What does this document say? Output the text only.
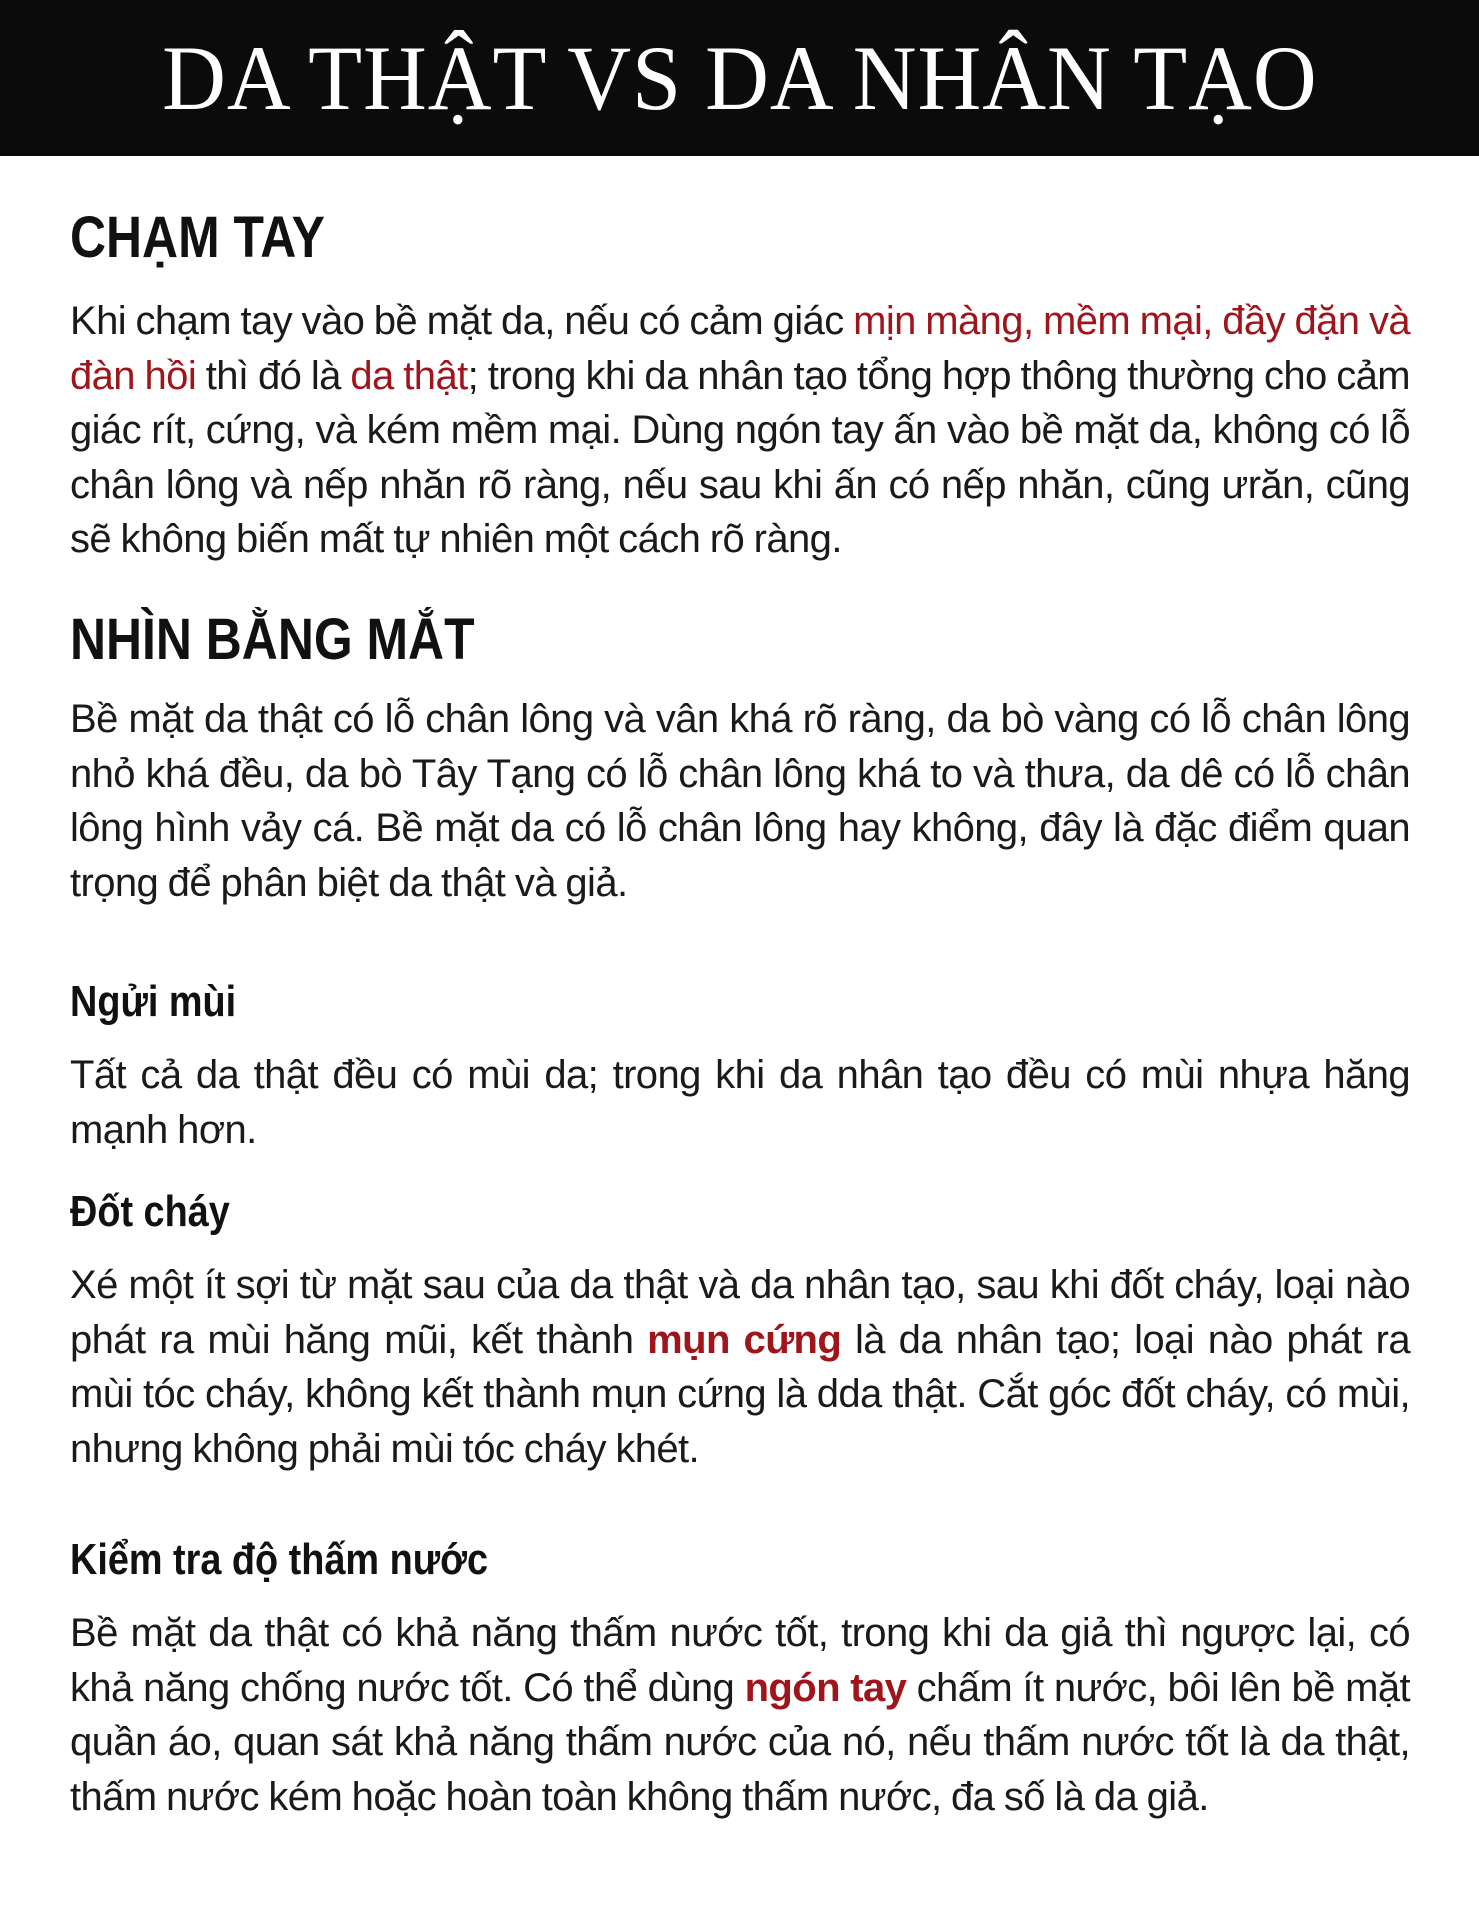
DA THẬT VS DA NHÂN TẠO
CHẠM TAY

Khi chạm tay vào bề mặt da, nếu có cảm giác mịn màng, mềm mại, đầy đặn và đàn hồi thì đó là da thật; trong khi da nhân tạo tổng hợp thông thường cho cảm giác rít, cứng, và kém mềm mại. Dùng ngón tay ấn vào bề mặt da, không có lỗ chân lông và nếp nhăn rõ ràng, nếu sau khi ấn có nếp nhăn, cũng ưrăn, cũng sẽ không biến mất tự nhiên một cách rõ ràng.

NHÌN BẰNG MẮT

Bề mặt da thật có lỗ chân lông và vân khá rõ ràng, da bò vàng có lỗ chân lông nhỏ khá đều, da bò Tây Tạng có lỗ chân lông khá to và thưa, da dê có lỗ chân lông hình vảy cá. Bề mặt da có lỗ chân lông hay không, đây là đặc điểm quan trọng để phân biệt da thật và giả.

Ngửi mùi

Tất cả da thật đều có mùi da; trong khi da nhân tạo đều có mùi nhựa hăng mạnh hơn.

Đốt cháy

Xé một ít sợi từ mặt sau của da thật và da nhân tạo, sau khi đốt cháy, loại nào phát ra mùi hăng mũi, kết thành mụn cứng là da nhân tạo; loại nào phát ra mùi tóc cháy, không kết thành mụn cứng là dda thật. Cắt góc đốt cháy, có mùi, nhưng không phải mùi tóc cháy khét.

Kiểm tra độ thấm nước

Bề mặt da thật có khả năng thấm nước tốt, trong khi da giả thì ngược lại, có khả năng chống nước tốt. Có thể dùng ngón tay chấm ít nước, bôi lên bề mặt quần áo, quan sát khả năng thấm nước của nó, nếu thấm nước tốt là da thật, thấm nước kém hoặc hoàn toàn không thấm nước, đa số là da giả.
